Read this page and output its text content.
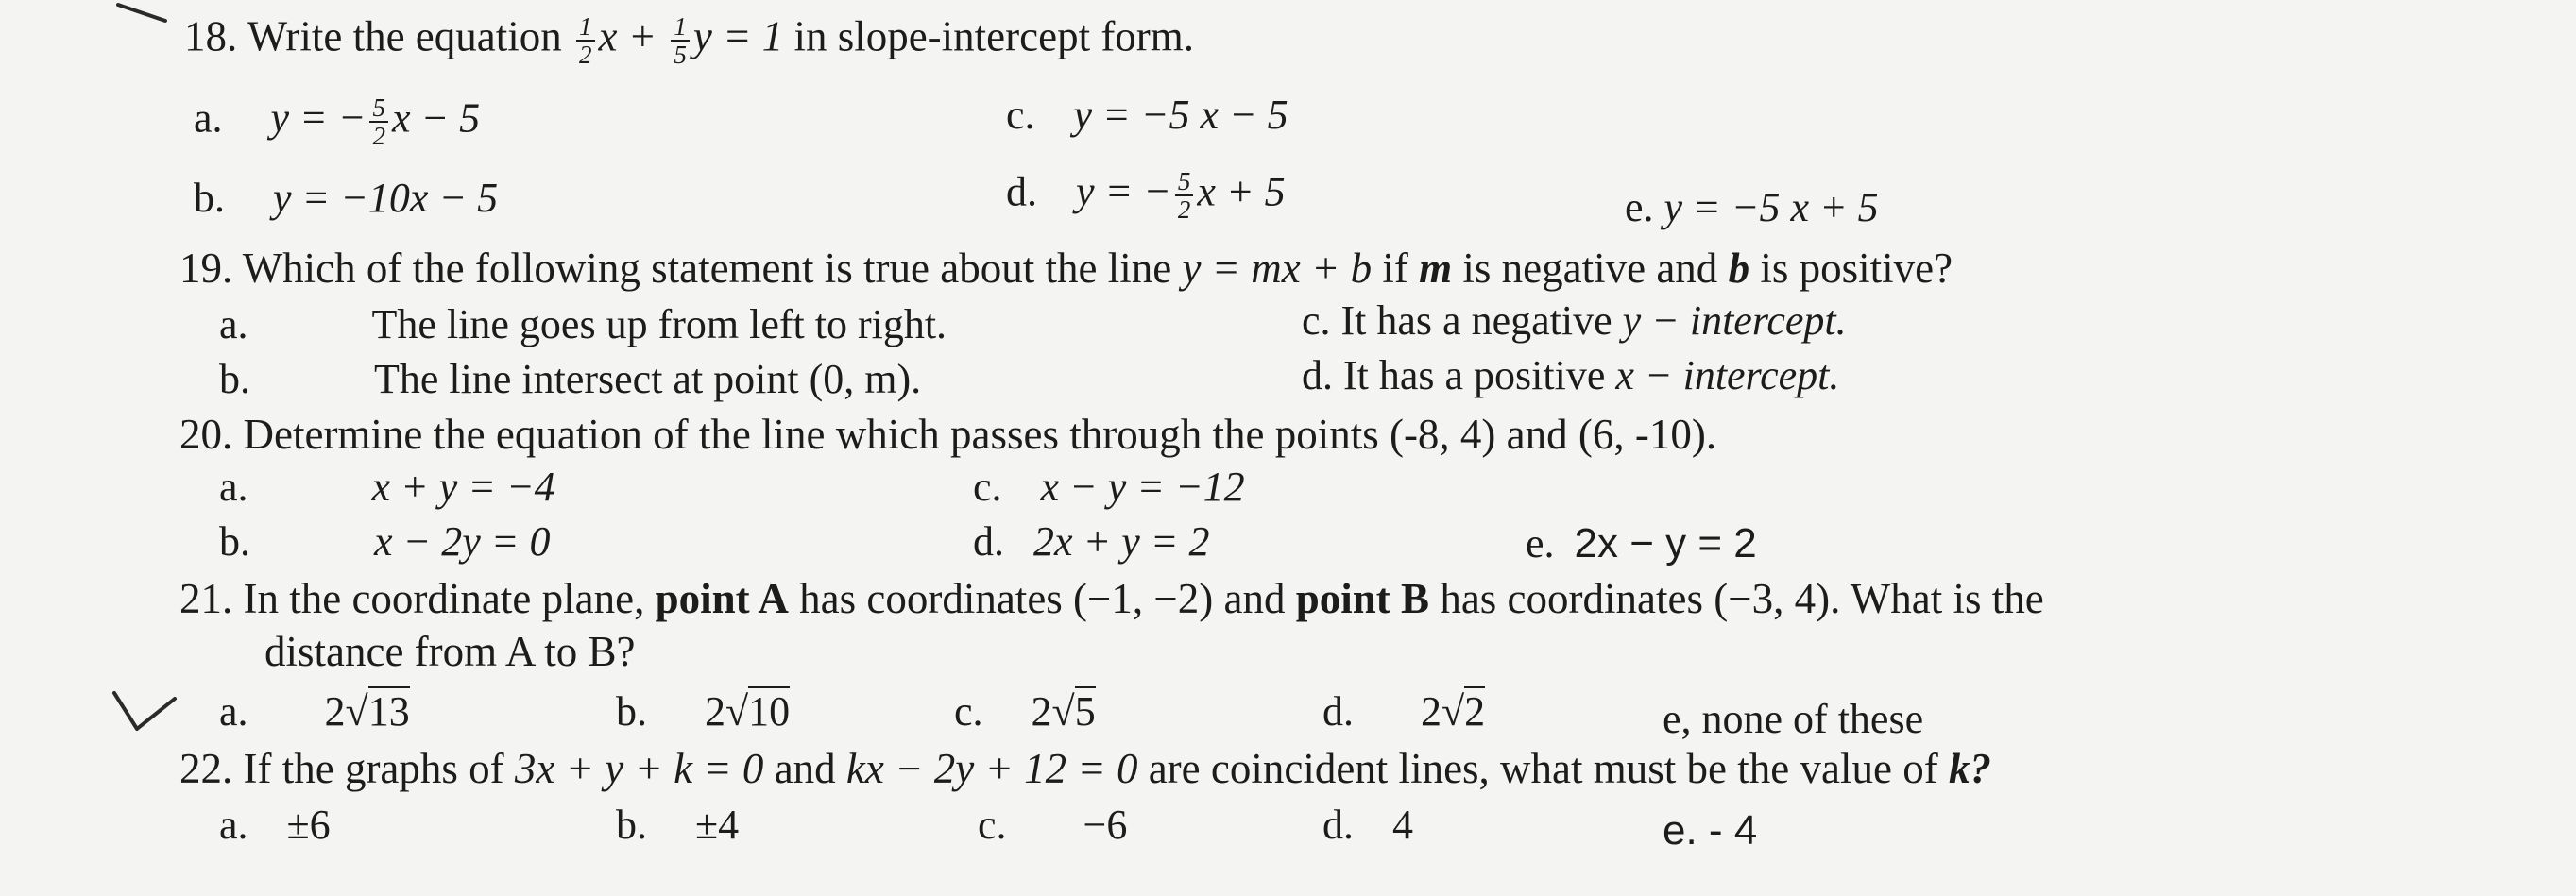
18. Write the equation $\frac{1}{2}$ $x + \frac{1}{5}$ y = 1 in slope-intercept form.
a. y = − $\frac{5}{2}$ x − 5	c. y = −5 x − 5
b. y = −10x − 5	d. y = − $\frac{5}{2}$ x + 5	e. y = −5 x + 5
19. Which of the following statement is true about the line y = mx + b if m is negative and b is positive?
a.	The line goes up from left to right.	c. It has a negative y − intercept.
b.	The line intersect at point (0, m).	d. It has a positive x − intercept.
20. Determine the equation of the line which passes through the points (-8, 4) and (6, -10).
a.	x + y = −4	c. x − y = −12
b.	x − 2y = 0	d. 2x + y = 2	e. 2x − y = 2
21. In the coordinate plane, point A has coordinates (−1, −2) and point B has coordinates (−3, 4). What is the
distance from A to B?
a. 2√13	b. 2√10	c. 2√5	d. 2√2	e, none of these
22. If the graphs of 3x + y + k = 0 and kx − 2y + 12 = 0 are coincident lines, what must be the value of k?
a. ±6	b. ±4	c. −6	d. 4	e. - 4
